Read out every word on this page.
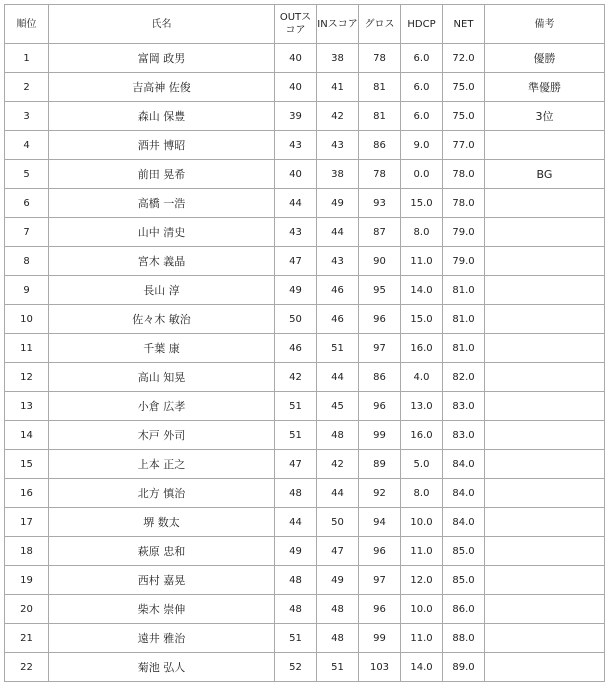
順位	氏名	OUTスコア	INスコア	グロス	HDCP	NET	備考
1	富岡 政男	40	38	78	6.0	72.0	優勝
2	吉高神 佐俊	40	41	81	6.0	75.0	準優勝
3	森山 保豊	39	42	81	6.0	75.0	3位
4	酒井 博昭	43	43	86	9.0	77.0	
5	前田 晃希	40	38	78	0.0	78.0	BG
6	高橋 一浩	44	49	93	15.0	78.0	
7	山中 清史	43	44	87	8.0	79.0	
8	宮木 義晶	47	43	90	11.0	79.0	
9	長山 淳	49	46	95	14.0	81.0	
10	佐々木 敏治	50	46	96	15.0	81.0	
11	千葉 康	46	51	97	16.0	81.0	
12	高山 知晃	42	44	86	4.0	82.0	
13	小倉 広孝	51	45	96	13.0	83.0	
14	木戸 外司	51	48	99	16.0	83.0	
15	上本 正之	47	42	89	5.0	84.0	
16	北方 慎治	48	44	92	8.0	84.0	
17	堺 数太	44	50	94	10.0	84.0	
18	萩原 忠和	49	47	96	11.0	85.0	
19	西村 嘉晃	48	49	97	12.0	85.0	
20	柴木 崇伸	48	48	96	10.0	86.0	
21	遠井 雅治	51	48	99	11.0	88.0	
22	菊池 弘人	52	51	103	14.0	89.0	
